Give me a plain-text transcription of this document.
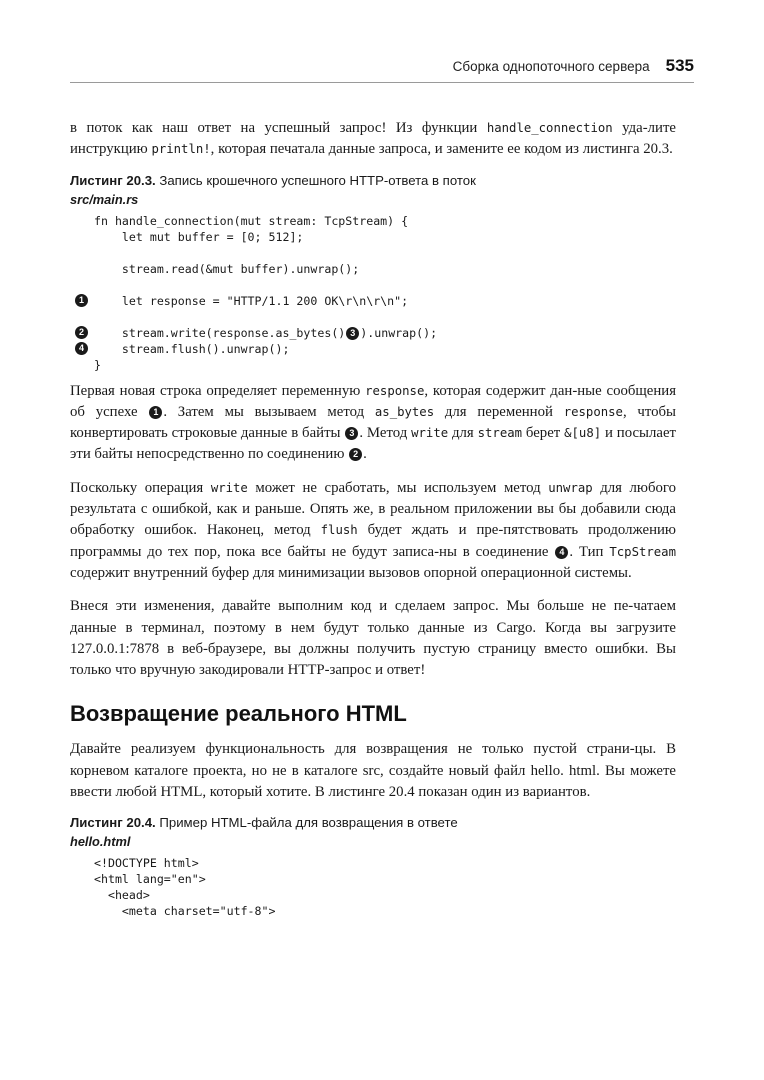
Сборка однопоточного сервера 535

в поток как наш ответ на успешный запрос! Из функции handle_connection уда-лите инструкцию println!, которая печатала данные запроса, и замените ее кодом из листинга 20.3.

Листинг 20.3. Запись крошечного успешного HTTP-ответа в поток
src/main.rs
fn handle_connection(mut stream: TcpStream) {
let mut buffer = [0; 512];
stream.read(&mut buffer).unwrap();
1 let response = "HTTP/1.1 200 OK\r\n\r\n";
2 stream.write(response.as_bytes() 3 ).unwrap();
4 stream.flush().unwrap();
}

Первая новая строка определяет переменную response, которая содержит дан-ные сообщения об успехе 1 . Затем мы вызываем метод as_bytes для переменной response, чтобы конвертировать строковые данные в байты 3 . Метод write для stream берет &[u8] и посылает эти байты непосредственно по соединению 2 .

Поскольку операция write может не сработать, мы используем метод unwrap для любого результата с ошибкой, как и раньше. Опять же, в реальном приложении вы бы добавили сюда обработку ошибок. Наконец, метод flush будет ждать и пре-пятствовать продолжению программы до тех пор, пока все байты не будут записа-ны в соединение 4 . Тип TcpStream содержит внутренний буфер для минимизации вызовов опорной операционной системы.

Внеся эти изменения, давайте выполним код и сделаем запрос. Мы больше не пе-чатаем данные в терминал, поэтому в нем будут только данные из Cargo. Когда вы загрузите 127.0.0.1:7878 в веб-браузере, вы должны получить пустую страницу вместо ошибки. Вы только что вручную закодировали HTTP-запрос и ответ!

Возвращение реального HTML

Давайте реализуем функциональность для возвращения не только пустой страни-цы. В корневом каталоге проекта, но не в каталоге src, создайте новый файл hello. html. Вы можете ввести любой HTML, который хотите. В листинге 20.4 показан один из вариантов.

Листинг 20.4. Пример HTML-файла для возвращения в ответе
hello.html
<!DOCTYPE html>
<html lang="en">
<head>
<meta charset="utf-8">
